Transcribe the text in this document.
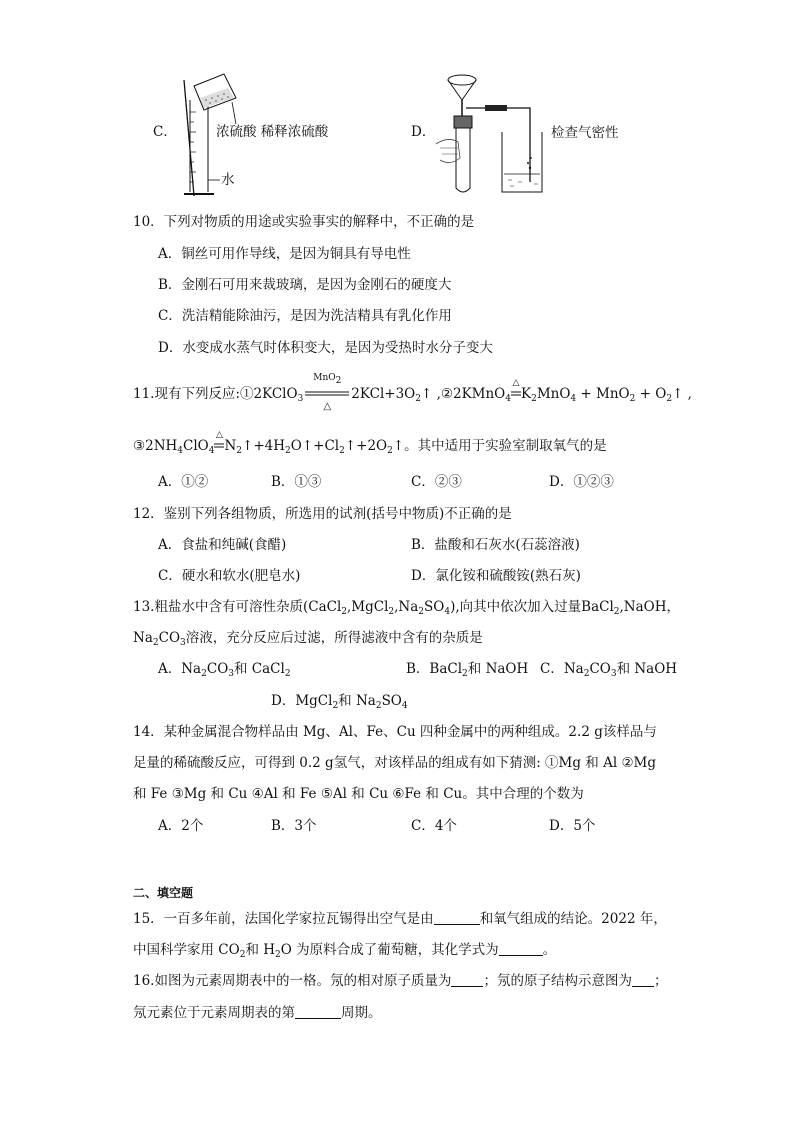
C．	浓硫酸 稀释浓硫酸
水
D．	检查气密性
10．下列对物质的用途或实验事实的解释中，不正确的是
A．铜丝可用作导线，是因为铜具有导电性
B．金刚石可用来裁玻璃，是因为金刚石的硬度大
C．洗洁精能除油污，是因为洗洁精具有乳化作用
D．水变成水蒸气时体积变大，是因为受热时水分子变大
11.现有下列反应:①2KClO$_3$
MnO$_2$
△
$2KCl+3O_2↑$ ,②2KMnO$_4$
△
$K_2MnO_4 + MnO_2$ + $O_2↑$ ,
$③2NH_4ClO_4$
△
$N_2↑+4H_2O↑+Cl_2↑+2O_2↑$。其中适用于实验室制取氧气的是
A．①②	B．①③	C．②③	D．①②③
12．鉴别下列各组物质，所选用的试剂(括号中物质)不正确的是
A．食盐和纯碱(食醋)	B．盐酸和石灰水(石蕊溶液)
C．硬水和软水(肥皂水)	D．氯化铵和硫酸铵(熟石灰)
13.粗盐水中含有可溶性杂质$(CaCl_2,MgCl_2,Na_2SO_4)$,向其中依次加入过量BaCl$_2$,NaOH，
$Na_2CO_3$溶液，充分反应后过滤，所得滤液中含有的杂质是
A．$Na_2CO_3$和 CaCl$_2$	B．BaCl$_2$和 NaOH C．$Na_2CO_3$和 NaOH
D．MgCl$_2$和 $Na_2SO_4$
14．某种金属混合物样品由 Mg、Al、Fe、Cu 四种金属中的两种组成。2.2 g该样品与
足量的稀硫酸反应，可得到 0.2 g氢气，对该样品的组成有如下猜测: ①Mg 和 Al ②Mg
和 Fe ③Mg 和 Cu ④Al 和 Fe ⑤Al 和 Cu ⑥Fe 和 Cu。其中合理的个数为
A．2个	B．3个	C．4个	D．5个
二、填空题
15．一百多年前，法国化学家拉瓦锡得出空气是由	和氧气组成的结论。2022 年，
中国科学家用 $CO_2$和 $H_2O$ 为原料合成了葡萄糖，其化学式为	。
16.如图为元素周期表中的一格。氖的相对原子质量为 ；氖的原子结构示意图为 ；
氖元素位于元素周期表的第	周期。
